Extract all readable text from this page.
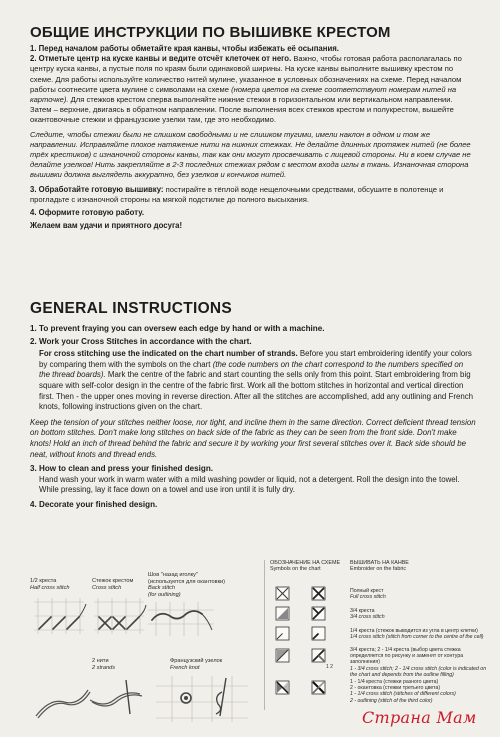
ОБЩИЕ ИНСТРУКЦИИ ПО ВЫШИВКЕ КРЕСТОМ

1. Перед началом работы обметайте края канвы, чтобы избежать её осыпания.

2. Отметьте центр на куске канвы и ведите отсчёт клеточек от него. Важно, чтобы готовая работа располагалась по центру куска канвы, а пустые поля по краям были одинаковой ширины. На куске канвы выполните вышивку крестом по схеме. Для работы используйте количество нитей мулине, указанное в условных обозначениях на схеме. Перед началом работы соотнесите цвета мулине с символами на схеме (номера цветов на схеме соответствуют номерам нитей на карточке). Для стежков крестом сперва выполняйте нижние стежки в горизонтальном или вертикальном направлении. Затем – верхние, двигаясь в обратном направлении. После выполнения всех стежков крестом и полукрестом, вышейте окантовочные стежки и французские узелки там, где это необходимо.

Следите, чтобы стежки были не слишком свободными и не слишком тугими, имели наклон в одном и том же направлении. Исправляйте плохое натяжение нити на нижних стежках. Не делайте длинных протяжек нитей (не более трёх крестиков) с изнаночной стороны канвы, так как они могут просвечивать с лицевой стороны. Ни в коем случае не делайте узелков! Нить закрепляйте в 2-3 последних стежках рядом с местом входа иглы в ткань. Изнаночная сторона вышивки должна выглядеть аккуратно, без узелков и кончиков нитей.

3. Обработайте готовую вышивку: постирайте в тёплой воде нещелочными средствами, обсушите в полотенце и прогладьте с изнаночной стороны на мягкой подстилке до полного высыхания.

4. Оформите готовую работу.

Желаем вам удачи и приятного досуга!

GENERAL INSTRUCTIONS

1. To prevent fraying you can oversew each edge by hand or with a machine.

2. Work your Cross Stitches in accordance with the chart.

For cross stitching use the indicated on the chart number of strands. Before you start embroidering identify your colors by comparing them with the symbols on the chart (the code numbers on the chart correspond to the numbers specified on the thread boards). Mark the centre of the fabric and start counting the sells only from this point. Start embroidering from big square with self-color design in the centre of the fabric first. Work all the bottom stitches in horizontal and vertical direction first. Then - the upper ones moving in reverse direction. After all the stitches are accomplished, add any outlining and French knots, following instructions given on the chart.

Keep the tension of your stitches neither loose, nor tight, and incline them in the same direction. Correct deficient thread tension on bottom stitches. Don't make long stitches on back side of the fabric as they can be seen from the front side. Don't make knots! Hold an inch of thread behind the fabric and secure it by working your first several stitches over it. Back side should be neat, without knots and thread ends.

3. How to clean and press your finished design.

Hand wash your work in warm water with a mild washing powder or liquid, not a detergent. Roll the design into the towel. While pressing, lay it face down on a towel and use iron until it is fully dry.

4. Decorate your finished design.

1/2 креста
Half cross stitch
Стежок крестом
Cross stitch
Шов "назад иголку"
(используется для окантовки)
Back stitch
(for outlining)
2 нити
2 strands
Французский узелок
French knot
ОБОЗНАЧЕНИЕ НА СХЕМЕ
Symbols on the chart
ВЫШИВАТЬ НА КАНВЕ
Embroider on the fabric
Полный крест
Full cross stitch
3/4 креста
3/4 cross stitch
1/4 креста (стежок выводится из угла в центр клетки)
1/4 cross stitch (stitch from corner to the centre of the cell)
1 2
3/4 креста; 2 - 1/4 креста (выбор цвета стежка определяется по рисунку и заменят от контура заполнения)
1 - 3/4 cross stitch; 2 - 1/4 cross stitch (color is indicated on the chart and depends from the outline filling)
1 - 1/4 креста (стежки разного цвета)
2 - окантовка (стежки третьего цвета)
1 - 1/4 cross stitch (stitches of different colors)
2 - outlining (stitch of the third color)
Страна Мам
